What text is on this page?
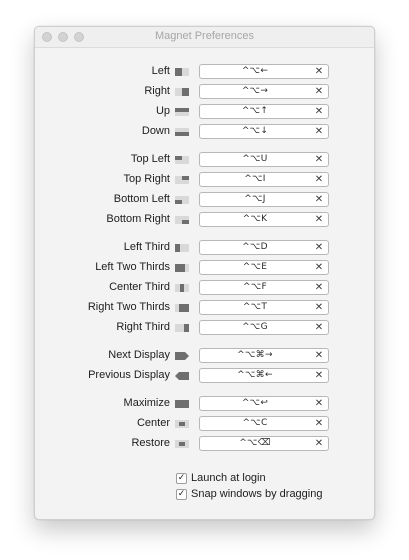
Magnet Preferences
Left	^⌥←	✕
Right	^⌥→	✕
Up	^⌥↑	✕
Down	^⌥↓	✕
Top Left	^⌥U	✕
Top Right	^⌥I	✕
Bottom Left	^⌥J	✕
Bottom Right	^⌥K	✕
Left Third	^⌥D	✕
Left Two Thirds	^⌥E	✕
Center Third	^⌥F	✕
Right Two Thirds	^⌥T	✕
Right Third	^⌥G	✕
Next Display	^⌥⌘→	✕
Previous Display	^⌥⌘←	✕
Maximize	^⌥↩	✕
Center	^⌥C	✕
Restore	^⌥⌫	✕
✓ Launch at login
✓ Snap windows by dragging
